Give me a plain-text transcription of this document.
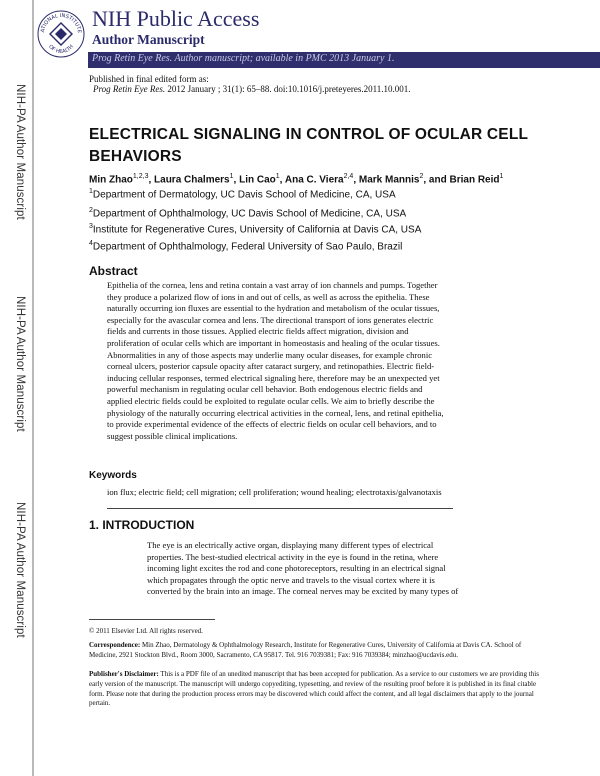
NIH-PA Author Manuscript
NIH-PA Author Manuscript
NIH-PA Author Manuscript
ATIONAL INSTITUTE
OF HEALTH
NIH Public Access
Author Manuscript
Prog Retin Eye Res. Author manuscript; available in PMC 2013 January 1.
Published in final edited form as:
Prog Retin Eye Res. 2012 January ; 31(1): 65–88. doi:10.1016/j.preteyeres.2011.10.001.
ELECTRICAL SIGNALING IN CONTROL OF OCULAR CELL
BEHAVIORS
Min Zhao$^{1,2,3}$, Laura Chalmers$^1$, Lin Cao$^1$, Ana C. Viera$^{2,4}$, Mark Mannis$^2$, and Brian Reid$^1$
$^1$Department of Dermatology, UC Davis School of Medicine, CA, USA
$^2$Department of Ophthalmology, UC Davis School of Medicine, CA, USA
$^3$Institute for Regenerative Cures, University of California at Davis CA, USA
$^4$Department of Ophthalmology, Federal University of Sao Paulo, Brazil
Abstract
Epithelia of the cornea, lens and retina contain a vast array of ion channels and pumps. Together
they produce a polarized flow of ions in and out of cells, as well as across the epithelia. These
naturally occurring ion fluxes are essential to the hydration and metabolism of the ocular tissues,
especially for the avascular cornea and lens. The directional transport of ions generates electric
fields and currents in those tissues. Applied electric fields affect migration, division and
proliferation of ocular cells which are important in homeostasis and healing of the ocular tissues.
Abnormalities in any of those aspects may underlie many ocular diseases, for example chronic
corneal ulcers, posterior capsule opacity after cataract surgery, and retinopathies. Electric field-
inducing cellular responses, termed electrical signaling here, therefore may be an unexpected yet
powerful mechanism in regulating ocular cell behavior. Both endogenous electric fields and
applied electric fields could be exploited to regulate ocular cells. We aim to briefly describe the
physiology of the naturally occurring electrical activities in the corneal, lens, and retinal epithelia,
to provide experimental evidence of the effects of electric fields on ocular cell behaviors, and to
suggest possible clinical implications.
Keywords
ion flux; electric field; cell migration; cell proliferation; wound healing; electrotaxis/galvanotaxis
1. INTRODUCTION
The eye is an electrically active organ, displaying many different types of electrical
properties. The best-studied electrical activity in the eye is found in the retina, where
incoming light excites the rod and cone photoreceptors, resulting in an electrical signal
which propagates through the optic nerve and travels to the visual cortex where it is
converted by the brain into an image. The corneal nerves may be excited by many types of
© 2011 Elsevier Ltd. All rights reserved.
Correspondence: Min Zhao, Dermatology & Ophthalmology Research, Institute for Regenerative Cures, University of California at Davis CA. School of Medicine, 2921 Stockton Blvd., Room 3000, Sacramento, CA 95817. Tel. 916 7039381; Fax: 916 7039384; minzhao@ucdavis.edu.
Publisher's Disclaimer: This is a PDF file of an unedited manuscript that has been accepted for publication. As a service to our customers we are providing this early version of the manuscript. The manuscript will undergo copyediting, typesetting, and review of the resulting proof before it is published in its final citable form. Please note that during the production process errors may be discovered which could affect the content, and all legal disclaimers that apply to the journal pertain.
